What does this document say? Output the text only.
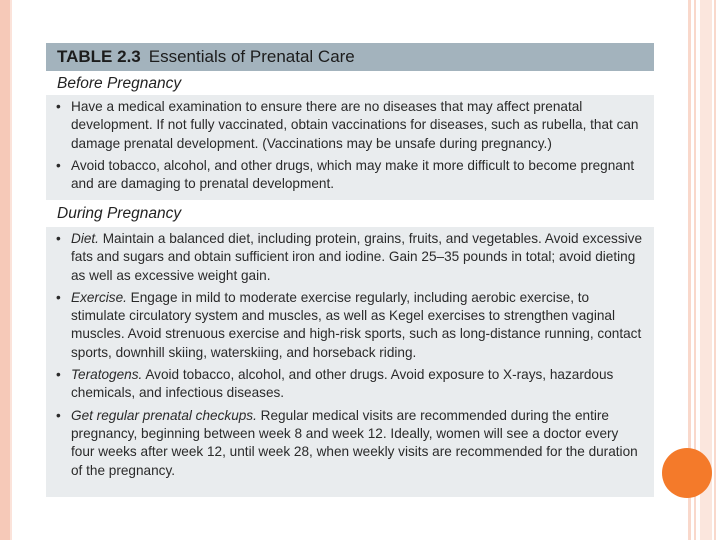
TABLE 2.3 Essentials of Prenatal Care
Before Pregnancy
• Have a medical examination to ensure there are no diseases that may affect prenatal development. If not fully vaccinated, obtain vaccinations for diseases, such as rubella, that can damage prenatal development. (Vaccinations may be unsafe during pregnancy.)
• Avoid tobacco, alcohol, and other drugs, which may make it more difficult to become pregnant and are damaging to prenatal development.
During Pregnancy
• Diet. Maintain a balanced diet, including protein, grains, fruits, and vegetables. Avoid excessive fats and sugars and obtain sufficient iron and iodine. Gain 25–35 pounds in total; avoid dieting as well as excessive weight gain.
• Exercise. Engage in mild to moderate exercise regularly, including aerobic exercise, to stimulate circulatory system and muscles, as well as Kegel exercises to strengthen vaginal muscles. Avoid strenuous exercise and high-risk sports, such as long-distance running, contact sports, downhill skiing, waterskiing, and horseback riding.
• Teratogens. Avoid tobacco, alcohol, and other drugs. Avoid exposure to X-rays, hazardous chemicals, and infectious diseases.
• Get regular prenatal checkups. Regular medical visits are recommended during the entire pregnancy, beginning between week 8 and week 12. Ideally, women will see a doctor every four weeks after week 12, until week 28, when weekly visits are recommended for the duration of the pregnancy.
